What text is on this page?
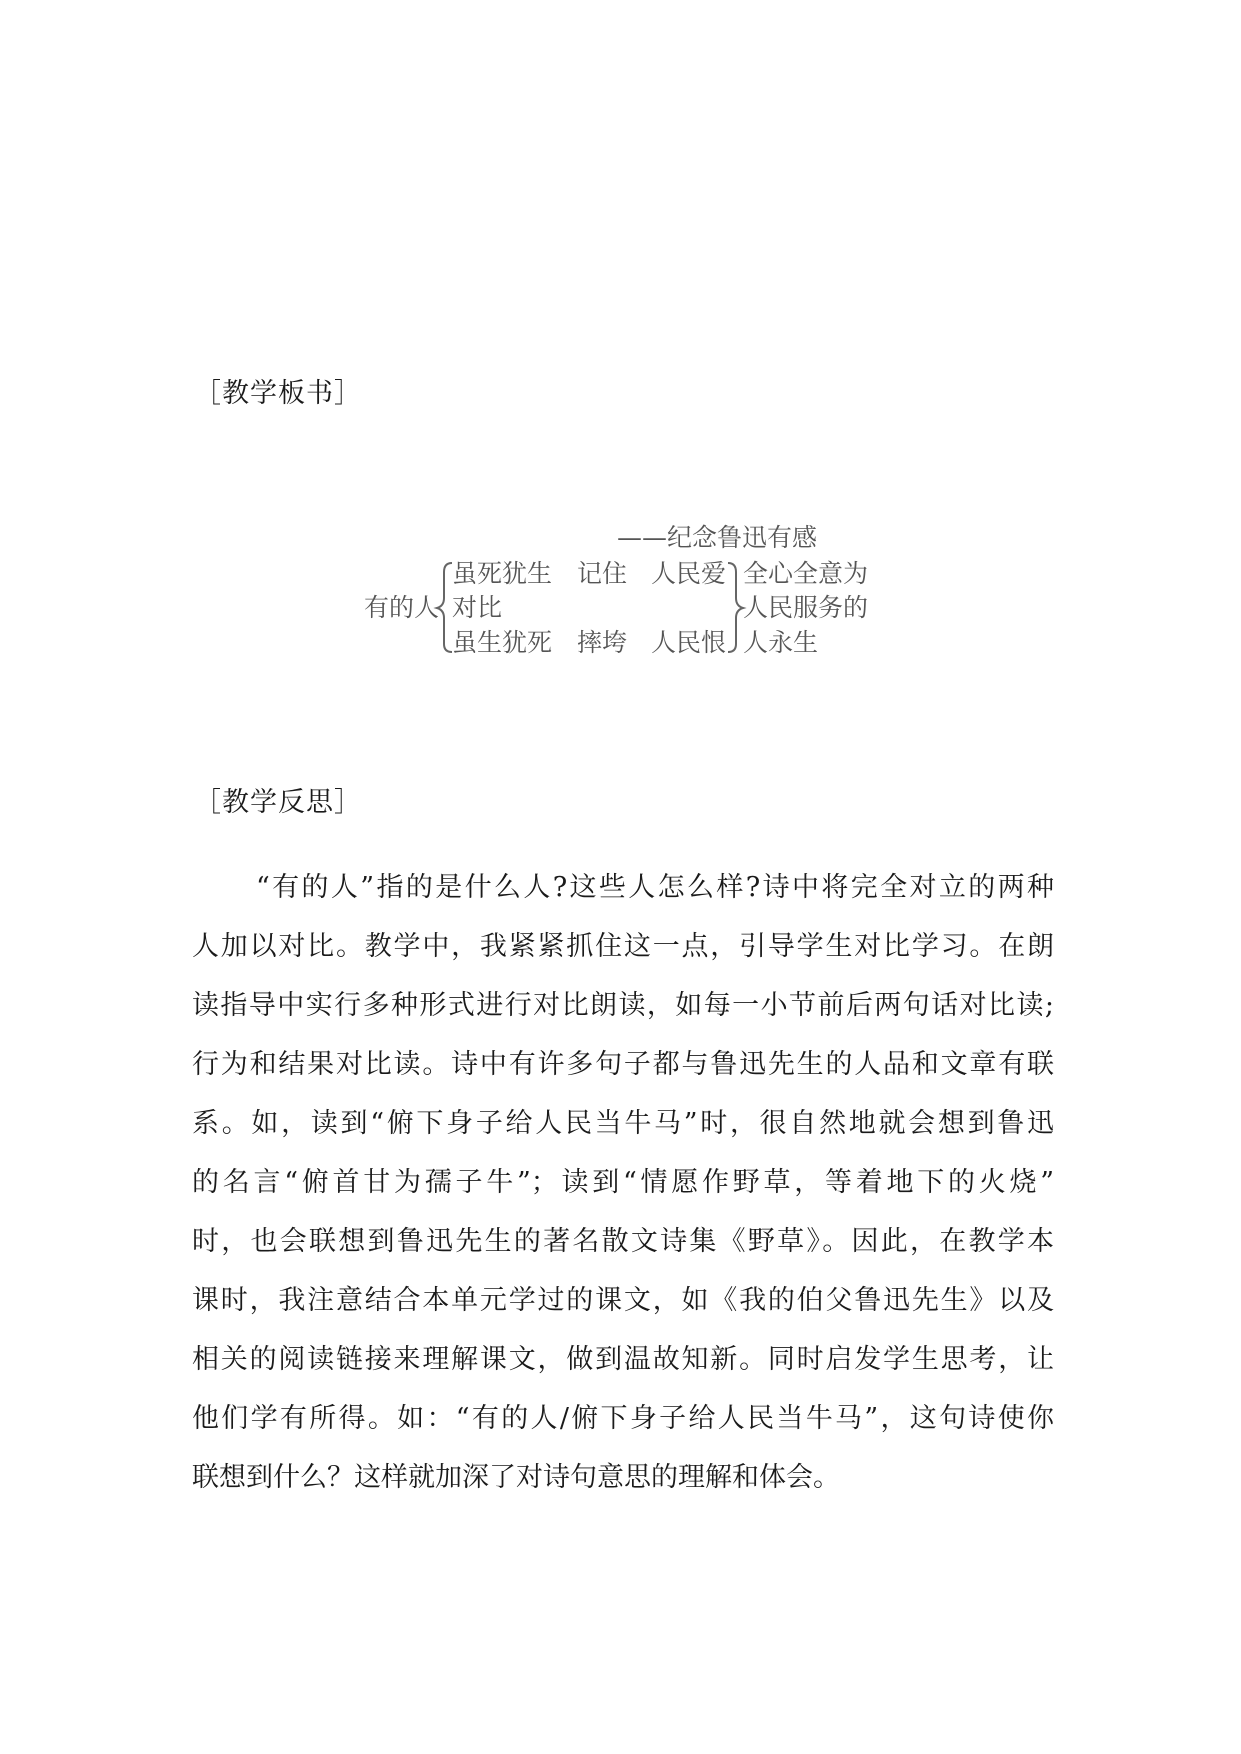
［教学板书］
——纪念鲁迅有感
有的人
虽死犹生 记住 人民爱
对比
虽生犹死 摔垮 人民恨
全心全意为
人民服务的
人永生
［教学反思］
“有的人”指的是什么人?这些人怎么样?诗中将完全对立的两种
人加以对比。教学中，我紧紧抓住这一点，引导学生对比学习。在朗
读指导中实行多种形式进行对比朗读，如每一小节前后两句话对比读;
行为和结果对比读。诗中有许多句子都与鲁迅先生的人品和文章有联
系。如，读到“俯下身子给人民当牛马”时，很自然地就会想到鲁迅
的名言“俯首甘为孺子牛”；读到“情愿作野草，等着地下的火烧”
时，也会联想到鲁迅先生的著名散文诗集《野草》。因此，在教学本
课时，我注意结合本单元学过的课文，如《我的伯父鲁迅先生》以及
相关的阅读链接来理解课文，做到温故知新。同时启发学生思考，让
他们学有所得。如：“有的人/俯下身子给人民当牛马”，这句诗使你
联想到什么？这样就加深了对诗句意思的理解和体会。
